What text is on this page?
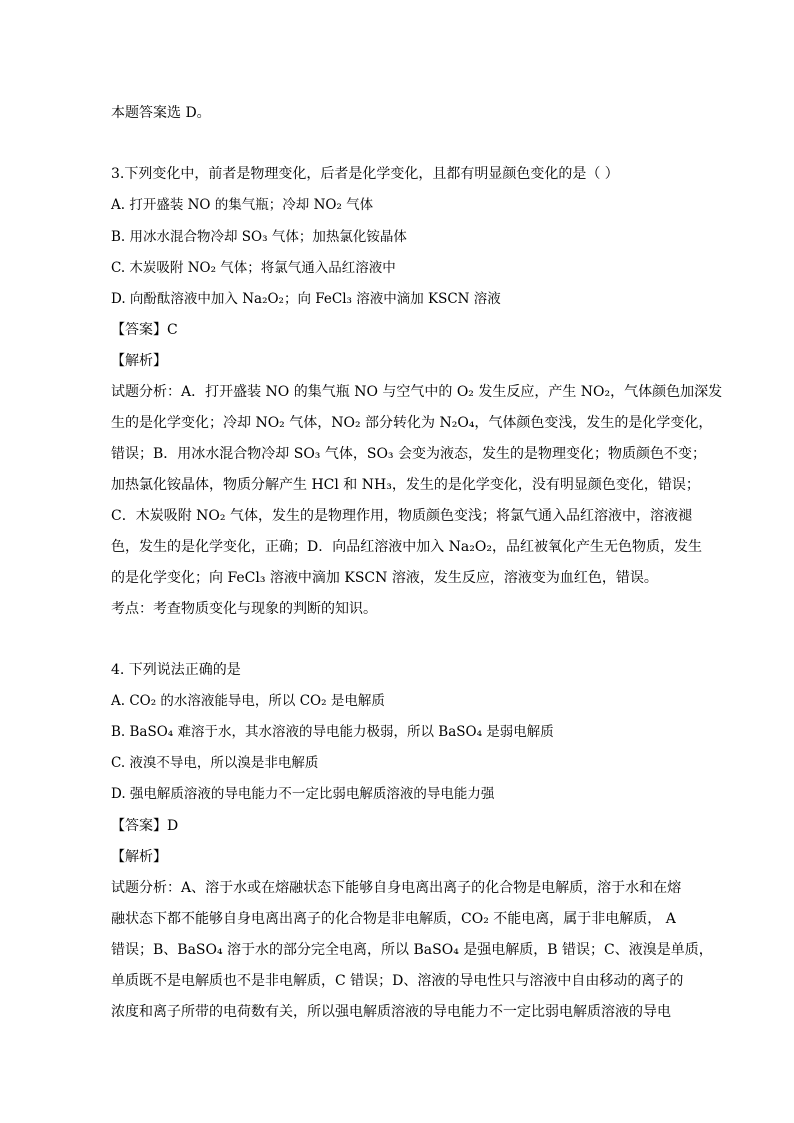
本题答案选 D。
3.下列变化中，前者是物理变化，后者是化学变化，且都有明显颜色变化的是（ ）
A. 打开盛装 NO 的集气瓶；冷却 NO₂ 气体
B. 用冰水混合物冷却 SO₃ 气体；加热氯化铵晶体
C. 木炭吸附 NO₂ 气体；将氯气通入品红溶液中
D. 向酚酞溶液中加入 Na₂O₂；向 FeCl₃ 溶液中滴加 KSCN 溶液
【答案】C
【解析】
试题分析：A．打开盛装 NO 的集气瓶 NO 与空气中的 O₂ 发生反应，产生 NO₂，气体颜色加深发
生的是化学变化；冷却 NO₂ 气体，NO₂ 部分转化为 N₂O₄，气体颜色变浅，发生的是化学变化，
错误；B．用冰水混合物冷却 SO₃ 气体，SO₃ 会变为液态，发生的是物理变化；物质颜色不变；
加热氯化铵晶体，物质分解产生 HCl 和 NH₃，发生的是化学变化，没有明显颜色变化，错误；
C．木炭吸附 NO₂ 气体，发生的是物理作用，物质颜色变浅；将氯气通入品红溶液中，溶液褪
色，发生的是化学变化，正确；D．向品红溶液中加入 Na₂O₂，品红被氧化产生无色物质，发生
的是化学变化；向 FeCl₃ 溶液中滴加 KSCN 溶液，发生反应，溶液变为血红色，错误。
考点：考查物质变化与现象的判断的知识。
4. 下列说法正确的是
A. CO₂ 的水溶液能导电，所以 CO₂ 是电解质
B. BaSO₄ 难溶于水，其水溶液的导电能力极弱，所以 BaSO₄ 是弱电解质
C. 液溴不导电，所以溴是非电解质
D. 强电解质溶液的导电能力不一定比弱电解质溶液的导电能力强
【答案】D
【解析】
试题分析：A、溶于水或在熔融状态下能够自身电离出离子的化合物是电解质，溶于水和在熔
融状态下都不能够自身电离出离子的化合物是非电解质，CO₂ 不能电离，属于非电解质， A
错误；B、BaSO₄ 溶于水的部分完全电离，所以 BaSO₄ 是强电解质，B 错误；C、液溴是单质，
单质既不是电解质也不是非电解质，C 错误；D、溶液的导电性只与溶液中自由移动的离子的
浓度和离子所带的电荷数有关，所以强电解质溶液的导电能力不一定比弱电解质溶液的导电
